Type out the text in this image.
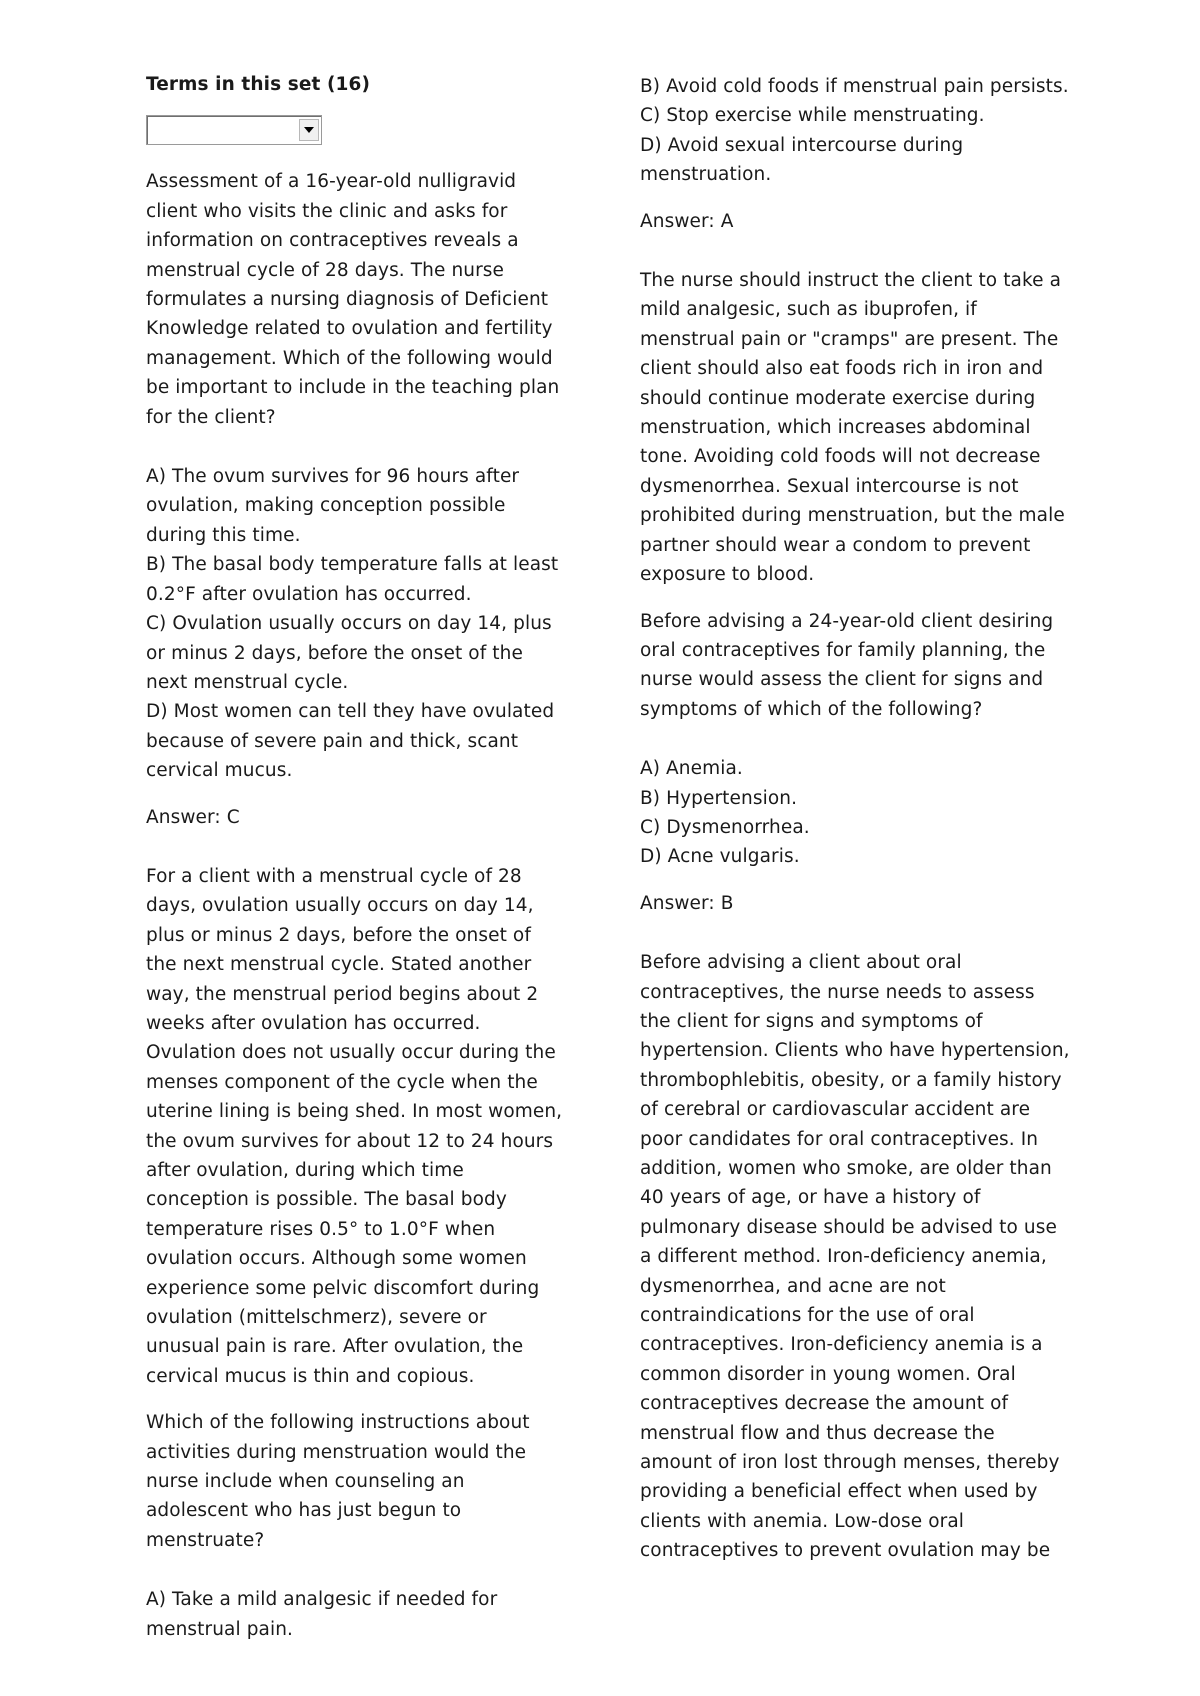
Terms in this set (16)

Assessment of a 16-year-old nulligravid client who visits the clinic and asks for information on contraceptives reveals a menstrual cycle of 28 days. The nurse formulates a nursing diagnosis of Deficient Knowledge related to ovulation and fertility management. Which of the following would be important to include in the teaching plan for the client?

A) The ovum survives for 96 hours after ovulation, making conception possible during this time.

B) The basal body temperature falls at least 0.2°F after ovulation has occurred.

C) Ovulation usually occurs on day 14, plus or minus 2 days, before the onset of the next menstrual cycle.

D) Most women can tell they have ovulated because of severe pain and thick, scant cervical mucus.

Answer: C

For a client with a menstrual cycle of 28 days, ovulation usually occurs on day 14, plus or minus 2 days, before the onset of the next menstrual cycle. Stated another way, the menstrual period begins about 2 weeks after ovulation has occurred. Ovulation does not usually occur during the menses component of the cycle when the uterine lining is being shed. In most women, the ovum survives for about 12 to 24 hours after ovulation, during which time conception is possible. The basal body temperature rises 0.5° to 1.0°F when ovulation occurs. Although some women experience some pelvic discomfort during ovulation (mittelschmerz), severe or unusual pain is rare. After ovulation, the cervical mucus is thin and copious.

Which of the following instructions about activities during menstruation would the nurse include when counseling an adolescent who has just begun to menstruate?

A) Take a mild analgesic if needed for menstrual pain.

B) Avoid cold foods if menstrual pain persists.

C) Stop exercise while menstruating.

D) Avoid sexual intercourse during menstruation.

Answer: A

The nurse should instruct the client to take a mild analgesic, such as ibuprofen, if menstrual pain or "cramps" are present. The client should also eat foods rich in iron and should continue moderate exercise during menstruation, which increases abdominal tone. Avoiding cold foods will not decrease dysmenorrhea. Sexual intercourse is not prohibited during menstruation, but the male partner should wear a condom to prevent exposure to blood.

Before advising a 24-year-old client desiring oral contraceptives for family planning, the nurse would assess the client for signs and symptoms of which of the following?

A) Anemia.

B) Hypertension.

C) Dysmenorrhea.

D) Acne vulgaris.

Answer: B

Before advising a client about oral contraceptives, the nurse needs to assess the client for signs and symptoms of hypertension. Clients who have hypertension, thrombophlebitis, obesity, or a family history of cerebral or cardiovascular accident are poor candidates for oral contraceptives. In addition, women who smoke, are older than 40 years of age, or have a history of pulmonary disease should be advised to use a different method. Iron-deficiency anemia, dysmenorrhea, and acne are not contraindications for the use of oral contraceptives. Iron-deficiency anemia is a common disorder in young women. Oral contraceptives decrease the amount of menstrual flow and thus decrease the amount of iron lost through menses, thereby providing a beneficial effect when used by clients with anemia. Low-dose oral contraceptives to prevent ovulation may be
